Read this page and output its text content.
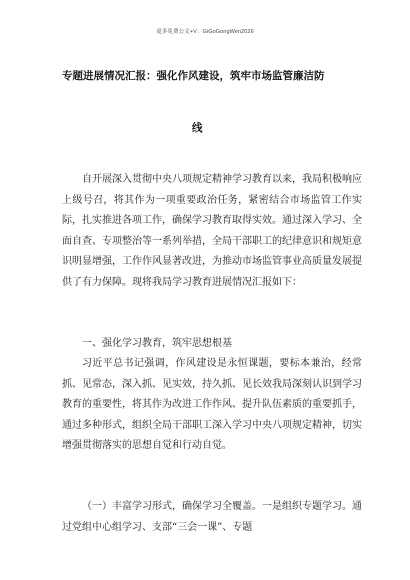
更多免费公文+V：GiGoGongWen2026
专题进展情况汇报：强化作风建设，筑牢市场监管廉洁防
线
自开展深入贯彻中央八项规定精神学习教育以来，我局积极响应上级号召，将其作为一项重要政治任务，紧密结合市场监管工作实际，扎实推进各项工作，确保学习教育取得实效。通过深入学习、全面自查、专项整治等一系列举措，全局干部职工的纪律意识和规矩意识明显增强，工作作风显著改进，为推动市场监管事业高质量发展提供了有力保障。现将我局学习教育进展情况汇报如下：
一、强化学习教育，筑牢思想根基
习近平总书记强调，作风建设是永恒课题，要标本兼治，经常抓、见常态，深入抓、见实效，持久抓、见长效我局深刻认识到学习教育的重要性，将其作为改进工作作风、提升队伍素质的重要抓手，通过多种形式，组织全局干部职工深入学习中央八项规定精神，切实增强贯彻落实的思想自觉和行动自觉。
（一）丰富学习形式，确保学习全覆盖。一是组织专题学习。通过党组中心组学习、支部“三会一课”、专题
